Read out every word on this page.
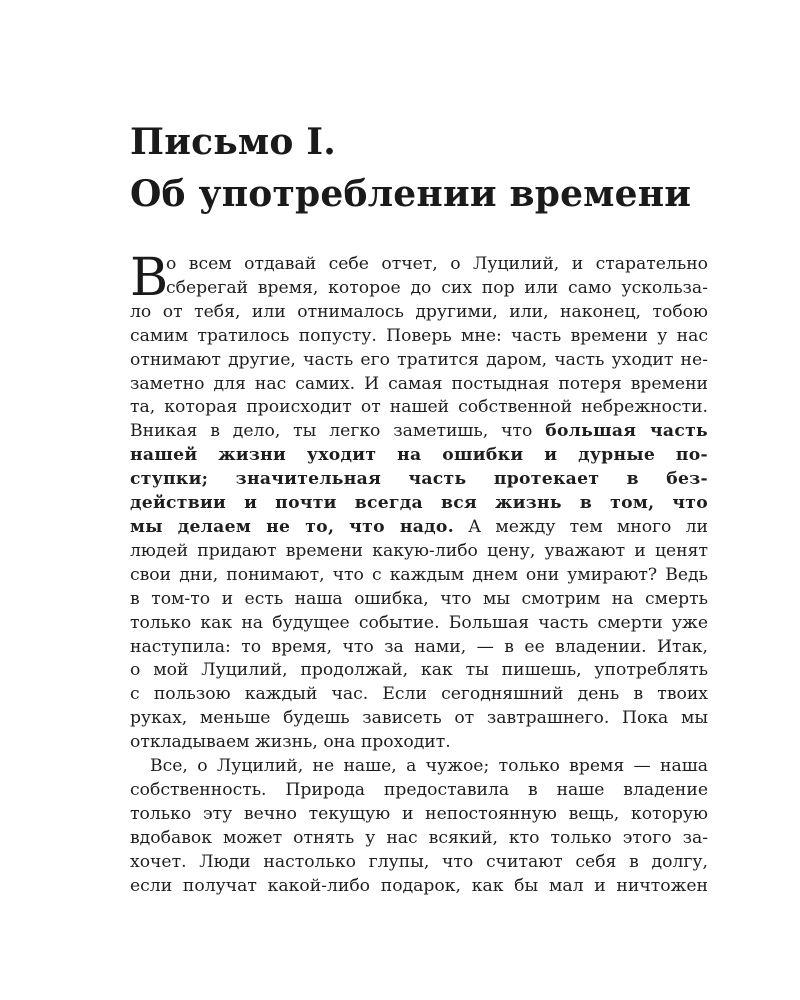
Письмо I.
Об употреблении времени
В
о всем отдавай себе отчет, о Луцилий, и старательно
сберегай время, которое до сих пор или само ускольза-
ло от тебя, или отнималось другими, или, наконец, тобою
самим тратилось попусту. Поверь мне: часть времени у нас
отнимают другие, часть его тратится даром, часть уходит не-
заметно для нас самих. И самая постыдная потеря времени
та, которая происходит от нашей собственной небрежности.
Вникая в дело, ты легко заметишь, что большая часть
нашей жизни уходит на ошибки и дурные по-
ступки; значительная часть протекает в без-
действии и почти всегда вся жизнь в том, что
мы делаем не то, что надо. А между тем много ли
людей придают времени какую-либо цену, уважают и ценят
свои дни, понимают, что с каждым днем они умирают? Ведь
в том-то и есть наша ошибка, что мы смотрим на смерть
только как на будущее событие. Большая часть смерти уже
наступила: то время, что за нами, — в ее владении. Итак,
о мой Луцилий, продолжай, как ты пишешь, употреблять
с пользою каждый час. Если сегодняшний день в твоих
руках, меньше будешь зависеть от завтрашнего. Пока мы
откладываем жизнь, она проходит.
Все, о Луцилий, не наше, а чужое; только время — наша
собственность. Природа предоставила в наше владение
только эту вечно текущую и непостоянную вещь, которую
вдобавок может отнять у нас всякий, кто только этого за-
хочет. Люди настолько глупы, что считают себя в долгу,
если получат какой-либо подарок, как бы мал и ничтожен
